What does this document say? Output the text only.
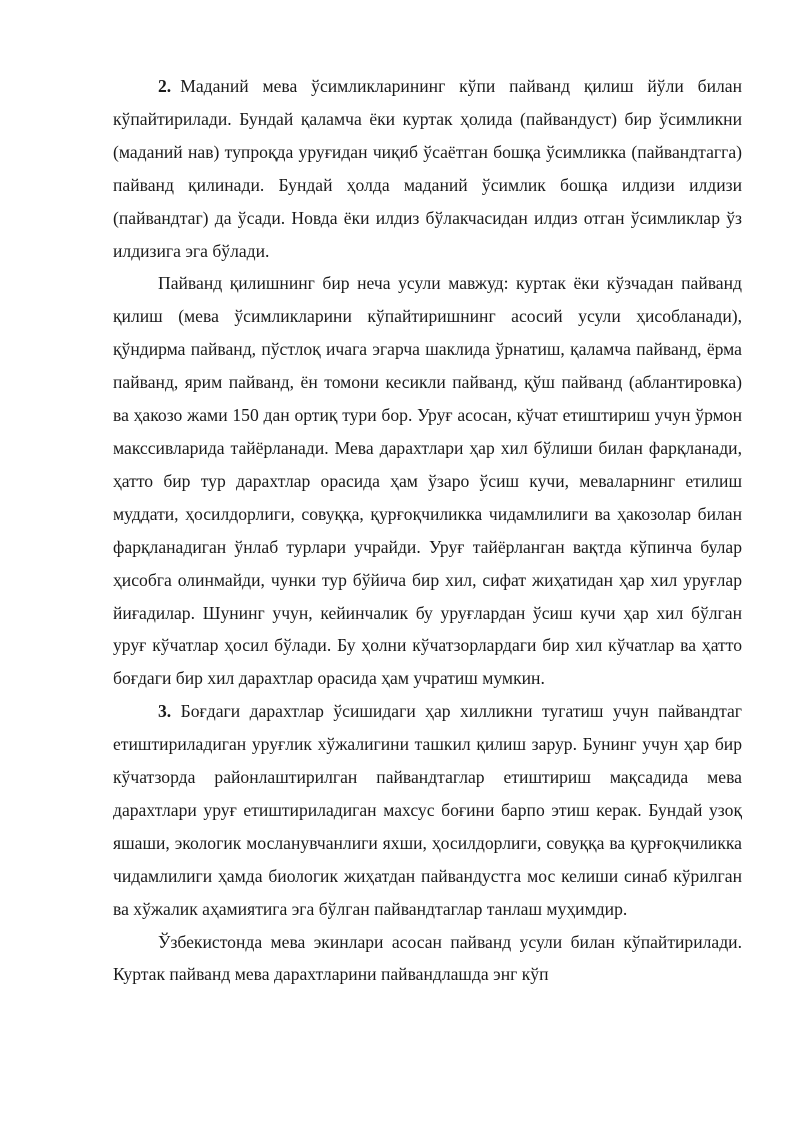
2. Маданий мева ўсимликларининг кўпи пайванд қилиш йўли билан кўпайтирилади. Бундай қаламча ёки куртак ҳолида (пайвандуст) бир ўсимликни (маданий нав) тупроқда уруғидан чиқиб ўсаётган бошқа ўсимликка (пайвандтагга) пайванд қилинади. Бундай ҳолда маданий ўсимлик бошқа илдизи илдизи (пайвандтаг) да ўсади. Новда ёки илдиз бўлакчасидан илдиз отган ўсимликлар ўз илдизига эга бўлади.

Пайванд қилишнинг бир неча усули мавжуд: куртак ёки кўзчадан пайванд қилиш (мева ўсимликларини кўпайтиришнинг асосий усули ҳисобланади), қўндирма пайванд, пўстлоқ ичага эгарча шаклида ўрнатиш, қаламча пайванд, ёрма пайванд, ярим пайванд, ён томони кесикли пайванд, қўш пайванд (аблантировка) ва ҳакозо жами 150 дан ортиқ тури бор. Уруғ асосан, кўчат етиштириш учун ўрмон макссивларида тайёрланади. Мева дарахтлари ҳар хил бўлиши билан фарқланади, ҳатто бир тур дарахтлар орасида ҳам ўзаро ўсиш кучи, меваларнинг етилиш муддати, ҳосилдорлиги, совуққа, қурғоқчиликка чидамлилиги ва ҳакозолар билан фарқланадиган ўнлаб турлари учрайди. Уруғ тайёрланган вақтда кўпинча булар ҳисобга олинмайди, чунки тур бўйича бир хил, сифат жиҳатидан ҳар хил уруғлар йиғадилар. Шунинг учун, кейинчалик бу уруғлардан ўсиш кучи ҳар хил бўлган уруғ кўчатлар ҳосил бўлади. Бу ҳолни кўчатзорлардаги бир хил кўчатлар ва ҳатто боғдаги бир хил дарахтлар орасида ҳам учратиш мумкин.

3. Боғдаги дарахтлар ўсишидаги ҳар хилликни тугатиш учун пайвандтаг етиштириладиган уруғлик хўжалигини ташкил қилиш зарур. Бунинг учун ҳар бир кўчатзорда районлаштирилган пайвандтаглар етиштириш мақсадида мева дарахтлари уруғ етиштириладиган махсус боғини барпо этиш керак. Бундай узоқ яшаши, экологик мосланувчанлиги яхши, ҳосилдорлиги, совуққа ва қурғоқчиликка чидамлилиги ҳамда биологик жиҳатдан пайвандустга мос келиши синаб кўрилган ва хўжалик аҳамиятига эга бўлган пайвандтаглар танлаш муҳимдир.

Ўзбекистонда мева экинлари асосан пайванд усули билан кўпайтирилади. Куртак пайванд мева дарахтларини пайвандлашда энг кўп
